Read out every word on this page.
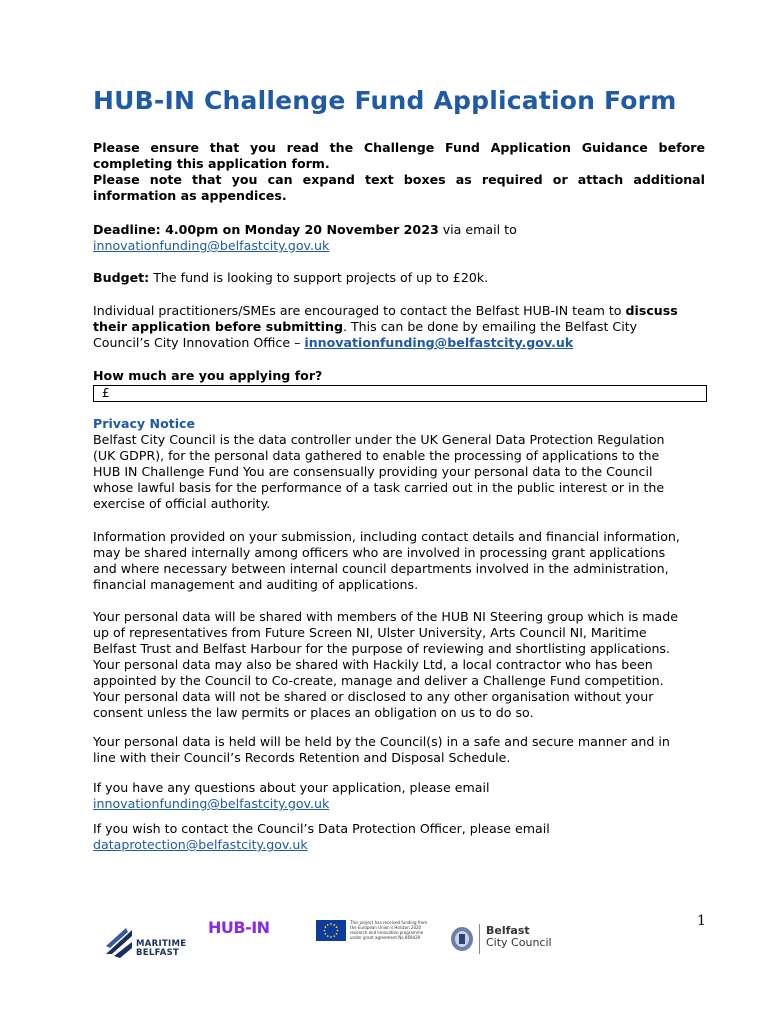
HUB-IN Challenge Fund Application Form
Please ensure that you read the Challenge Fund Application Guidance before
completing this application form.
Please note that you can expand text boxes as required or attach additional
information as appendices.
Deadline: 4.00pm on Monday 20 November 2023 via email to
innovationfunding@belfastcity.gov.uk
Budget: The fund is looking to support projects of up to £20k.
Individual practitioners/SMEs are encouraged to contact the Belfast HUB-IN team to discuss
their application before submitting. This can be done by emailing the Belfast City
Council’s City Innovation Office – innovationfunding@belfastcity.gov.uk
How much are you applying for?
£
Privacy Notice
Belfast City Council is the data controller under the UK General Data Protection Regulation
(UK GDPR), for the personal data gathered to enable the processing of applications to the
HUB IN Challenge Fund You are consensually providing your personal data to the Council
whose lawful basis for the performance of a task carried out in the public interest or in the
exercise of official authority.
Information provided on your submission, including contact details and financial information,
may be shared internally among officers who are involved in processing grant applications
and where necessary between internal council departments involved in the administration,
financial management and auditing of applications.
Your personal data will be shared with members of the HUB NI Steering group which is made
up of representatives from Future Screen NI, Ulster University, Arts Council NI, Maritime
Belfast Trust and Belfast Harbour for the purpose of reviewing and shortlisting applications.
Your personal data may also be shared with Hackily Ltd, a local contractor who has been
appointed by the Council to Co-create, manage and deliver a Challenge Fund competition.
Your personal data will not be shared or disclosed to any other organisation without your
consent unless the law permits or places an obligation on us to do so.
Your personal data is held will be held by the Council(s) in a safe and secure manner and in
line with their Council’s Records Retention and Disposal Schedule.
If you have any questions about your application, please email
innovationfunding@belfastcity.gov.uk
If you wish to contact the Council’s Data Protection Officer, please email
dataprotection@belfastcity.gov.uk
1
MARITIME
BELFAST
HUB-IN	This project has received funding from
the European Union’s Horizon 2020
research and innovation programme
under grant agreement No 869429
Belfast
City Council
